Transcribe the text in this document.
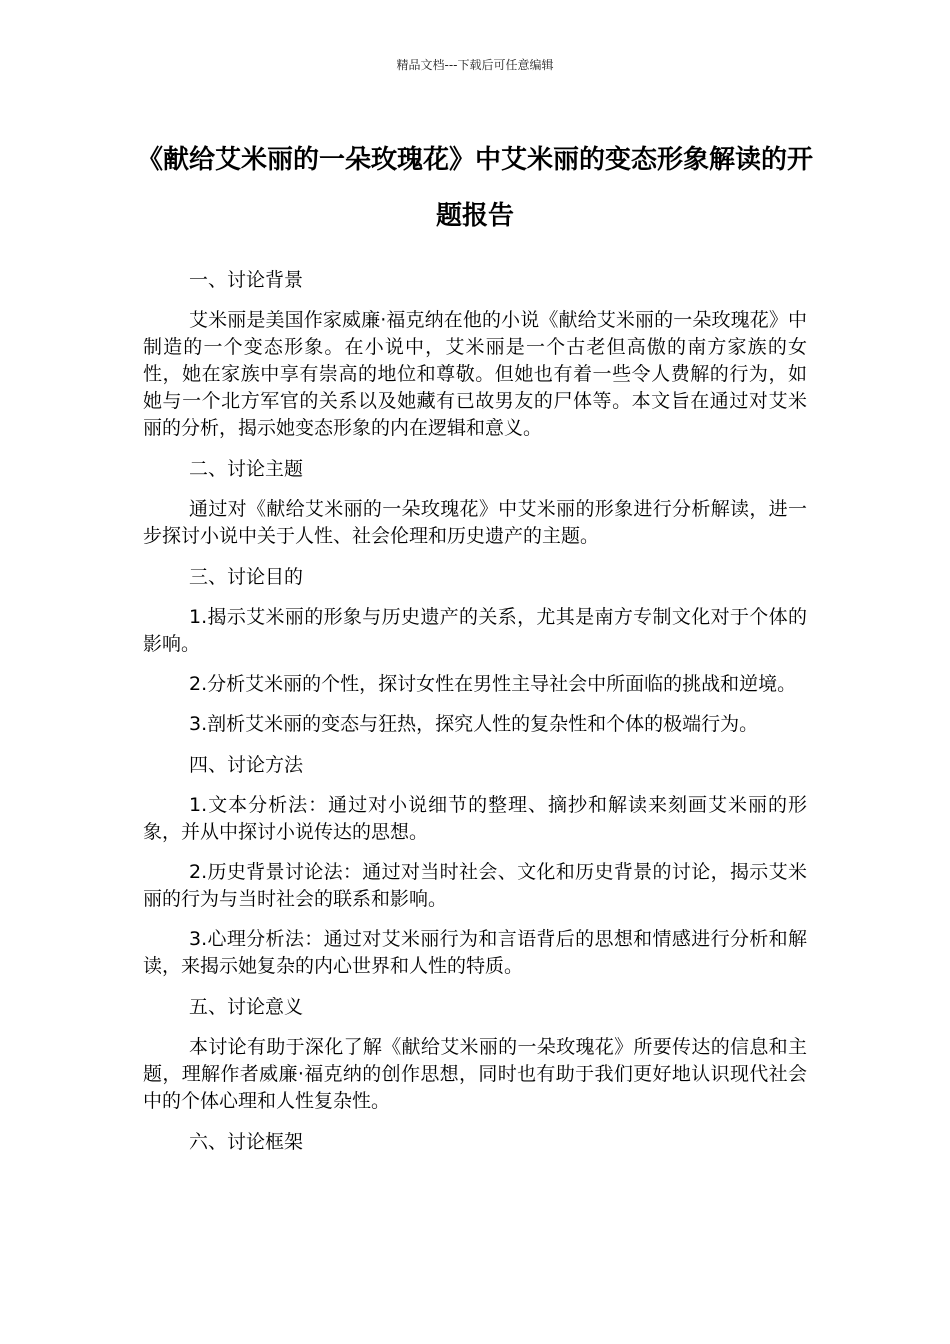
精品文档---下载后可任意编辑
《献给艾米丽的一朵玫瑰花》中艾米丽的变态形象解读的开题报告

一、讨论背景

艾米丽是美国作家威廉·福克纳在他的小说《献给艾米丽的一朵玫瑰花》中制造的一个变态形象。在小说中，艾米丽是一个古老但高傲的南方家族的女性，她在家族中享有崇高的地位和尊敬。但她也有着一些令人费解的行为，如她与一个北方军官的关系以及她藏有已故男友的尸体等。本文旨在通过对艾米丽的分析，揭示她变态形象的内在逻辑和意义。

二、讨论主题

通过对《献给艾米丽的一朵玫瑰花》中艾米丽的形象进行分析解读，进一步探讨小说中关于人性、社会伦理和历史遗产的主题。

三、讨论目的

1.揭示艾米丽的形象与历史遗产的关系，尤其是南方专制文化对于个体的影响。

2.分析艾米丽的个性，探讨女性在男性主导社会中所面临的挑战和逆境。

3.剖析艾米丽的变态与狂热，探究人性的复杂性和个体的极端行为。

四、讨论方法

1.文本分析法：通过对小说细节的整理、摘抄和解读来刻画艾米丽的形象，并从中探讨小说传达的思想。

2.历史背景讨论法：通过对当时社会、文化和历史背景的讨论，揭示艾米丽的行为与当时社会的联系和影响。

3.心理分析法：通过对艾米丽行为和言语背后的思想和情感进行分析和解读，来揭示她复杂的内心世界和人性的特质。

五、讨论意义

本讨论有助于深化了解《献给艾米丽的一朵玫瑰花》所要传达的信息和主题，理解作者威廉·福克纳的创作思想，同时也有助于我们更好地认识现代社会中的个体心理和人性复杂性。

六、讨论框架
